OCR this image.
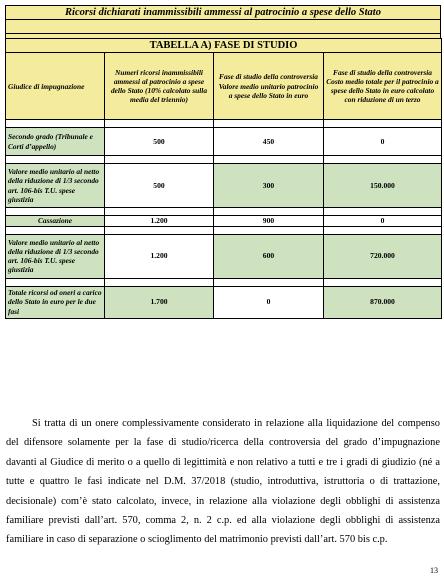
Ricorsi dichiarati inammissibili ammessi al patrocinio a spese dello Stato

TABELLA A) FASE DI STUDIO			
Giudice di impugnazione	Numeri ricorsi inammissibili ammessi al patrocinio a spese dello Stato (10% calcolato sulla media del triennio)	Fase di studio della controversia Valore medio unitario patrocinio a spese dello Stato in euro	Fase di studio della controversia Costo medio totale per il patrocinio a spese dello Stato in euro calcolato con riduzione di un terzo

Secondo grado (Tribunale e Corti d’appello)	500	450	0

Valore medio unitario al netto della riduzione di 1/3 secondo art. 106-bis T.U. spese giustizia	500	300	150.000

Cassazione	1.200	900	0

Valore medio unitario al netto della riduzione di 1/3 secondo art. 106-bis T.U. spese giustizia	1.200	600	720.000

Totale ricorsi od oneri a carico dello Stato in euro per le due fasi	1.700	0	870.000
Si tratta di un onere complessivamente considerato in relazione alla liquidazione del compenso del difensore solamente per la fase di studio/ricerca della controversia del grado d’impugnazione davanti al Giudice di merito o a quello di legittimità e non relativo a tutti e tre i gradi di giudizio (né a tutte e quattro le fasi indicate nel D.M. 37/2018 (studio, introduttiva, istruttoria o di trattazione, decisionale) com’è stato calcolato, invece, in relazione alla violazione degli obblighi di assistenza familiare previsti dall’art. 570, comma 2, n. 2 c.p. ed alla violazione degli obblighi di assistenza familiare in caso di separazione o scioglimento del matrimonio previsti dall’art. 570 bis c.p.
13
